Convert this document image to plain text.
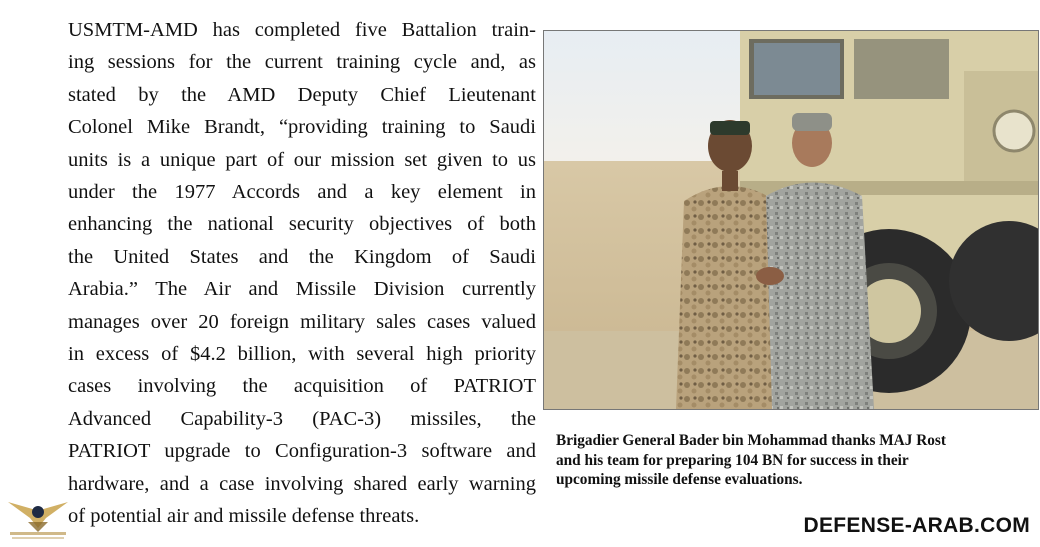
USMTM-AMD has completed five Battalion train-
ing sessions for the current training cycle and, as
stated by the AMD Deputy Chief Lieutenant
Colonel Mike Brandt, “providing training to Saudi
units is a unique part of our mission set given to us
under the 1977 Accords and a key element in
enhancing the national security objectives of both
the United States and the Kingdom of Saudi
Arabia.” The Air and Missile Division currently
manages over 20 foreign military sales cases valued
in excess of $4.2 billion, with several high priority
cases involving the acquisition of PATRIOT
Advanced Capability-3 (PAC-3) missiles, the
PATRIOT upgrade to Configuration-3 software and
hardware, and a case involving shared early warning
of potential air and missile defense threats.
Brigadier General Bader bin Mohammad thanks MAJ Rost
and his team for preparing 104 BN for success in their
upcoming missile defense evaluations.
DEFENSE-ARAB.COM
